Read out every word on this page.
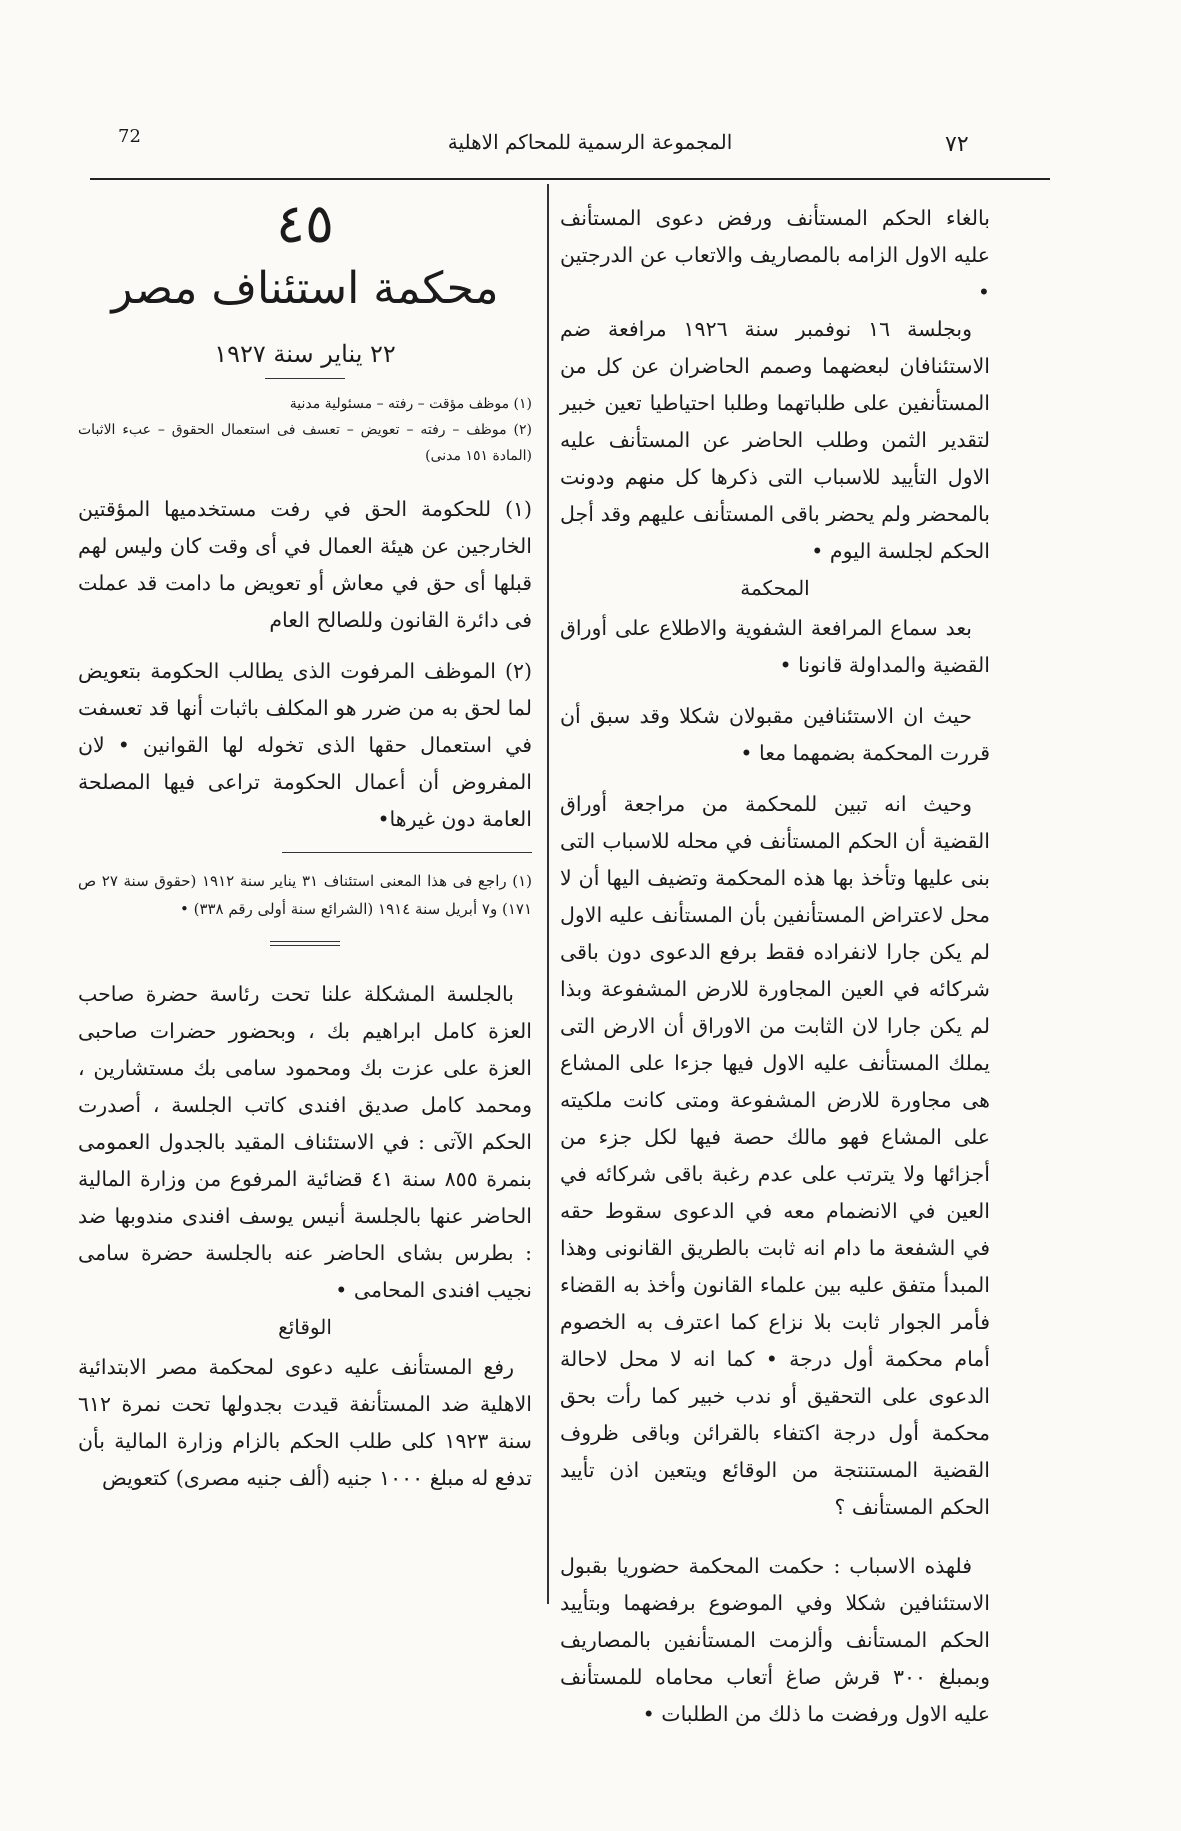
72	المجموعة الرسمية للمحاكم الاهلية	٧٢

بالغاء الحكم المستأنف ورفض دعوى المستأنف عليه الاول الزامه بالمصاريف والاتعاب عن الدرجتين •

وبجلسة ١٦ نوفمبر سنة ١٩٢٦ مرافعة ضم الاستئنافان لبعضهما وصمم الحاضران عن كل من المستأنفين على طلباتهما وطلبا احتياطيا تعين خبير لتقدير الثمن وطلب الحاضر عن المستأنف عليه الاول التأييد للاسباب التى ذكرها كل منهم ودونت بالمحضر ولم يحضر باقى المستأنف عليهم وقد أجل الحكم لجلسة اليوم •

المحكمة

بعد سماع المرافعة الشفوية والاطلاع على أوراق القضية والمداولة قانونا •

حيث ان الاستئنافين مقبولان شكلا وقد سبق أن قررت المحكمة بضمهما معا •

وحيث انه تبين للمحكمة من مراجعة أوراق القضية أن الحكم المستأنف في محله للاسباب التى بنى عليها وتأخذ بها هذه المحكمة وتضيف اليها أن لا محل لاعتراض المستأنفين بأن المستأنف عليه الاول لم يكن جارا لانفراده فقط برفع الدعوى دون باقى شركائه في العين المجاورة للارض المشفوعة وبذا لم يكن جارا لان الثابت من الاوراق أن الارض التى يملك المستأنف عليه الاول فيها جزءا على المشاع هى مجاورة للارض المشفوعة ومتى كانت ملكيته على المشاع فهو مالك حصة فيها لكل جزء من أجزائها ولا يترتب على عدم رغبة باقى شركائه في العين في الانضمام معه في الدعوى سقوط حقه في الشفعة ما دام انه ثابت بالطريق القانونى وهذا المبدأ متفق عليه بين علماء القانون وأخذ به القضاء فأمر الجوار ثابت بلا نزاع كما اعترف به الخصوم أمام محكمة أول درجة • كما انه لا محل لاحالة الدعوى على التحقيق أو ندب خبير كما رأت بحق محكمة أول درجة اكتفاء بالقرائن وباقى ظروف القضية المستنتجة من الوقائع ويتعين اذن تأييد الحكم المستأنف ؟

فلهذه الاسباب : حكمت المحكمة حضوريا بقبول الاستئنافين شكلا وفي الموضوع برفضهما وبتأييد الحكم المستأنف وألزمت المستأنفين بالمصاريف وبمبلغ ٣٠٠ قرش صاغ أتعاب محاماه للمستأنف عليه الاول ورفضت ما ذلك من الطلبات •

٤٥
محكمة استئناف مصر
٢٢ يناير سنة ١٩٢٧

(١) موظف مؤقت – رفته – مسئولية مدنية

(٢) موظف – رفته – تعويض – تعسف فى استعمال الحقوق – عبء الاثبات (المادة ١٥١ مدنى)

(١) للحكومة الحق في رفت مستخدميها المؤقتين الخارجين عن هيئة العمال في أى وقت كان وليس لهم قبلها أى حق في معاش أو تعويض ما دامت قد عملت فى دائرة القانون وللصالح العام

(٢) الموظف المرفوت الذى يطالب الحكومة بتعويض لما لحق به من ضرر هو المكلف باثبات أنها قد تعسفت في استعمال حقها الذى تخوله لها القوانين • لان المفروض أن أعمال الحكومة تراعى فيها المصلحة العامة دون غيرها•

(١) راجع فى هذا المعنى استئناف ٣١ يناير سنة ١٩١٢ (حقوق سنة ٢٧ ص ١٧١) و٧ أبريل سنة ١٩١٤ (الشرائع سنة أولى رقم ٣٣٨) •

بالجلسة المشكلة علنا تحت رئاسة حضرة صاحب العزة كامل ابراهيم بك ، وبحضور حضرات صاحبى العزة على عزت بك ومحمود سامى بك مستشارين ، ومحمد كامل صديق افندى كاتب الجلسة ، أصدرت الحكم الآتى : في الاستئناف المقيد بالجدول العمومى بنمرة ٨٥٥ سنة ٤١ قضائية المرفوع من وزارة المالية الحاضر عنها بالجلسة أنيس يوسف افندى مندوبها ضد : بطرس بشاى الحاضر عنه بالجلسة حضرة سامى نجيب افندى المحامى •

الوقائع

رفع المستأنف عليه دعوى لمحكمة مصر الابتدائية الاهلية ضد المستأنفة قيدت بجدولها تحت نمرة ٦١٢ سنة ١٩٢٣ كلى طلب الحكم بالزام وزارة المالية بأن تدفع له مبلغ ١٠٠٠ جنيه (ألف جنيه مصرى) كتعويض
